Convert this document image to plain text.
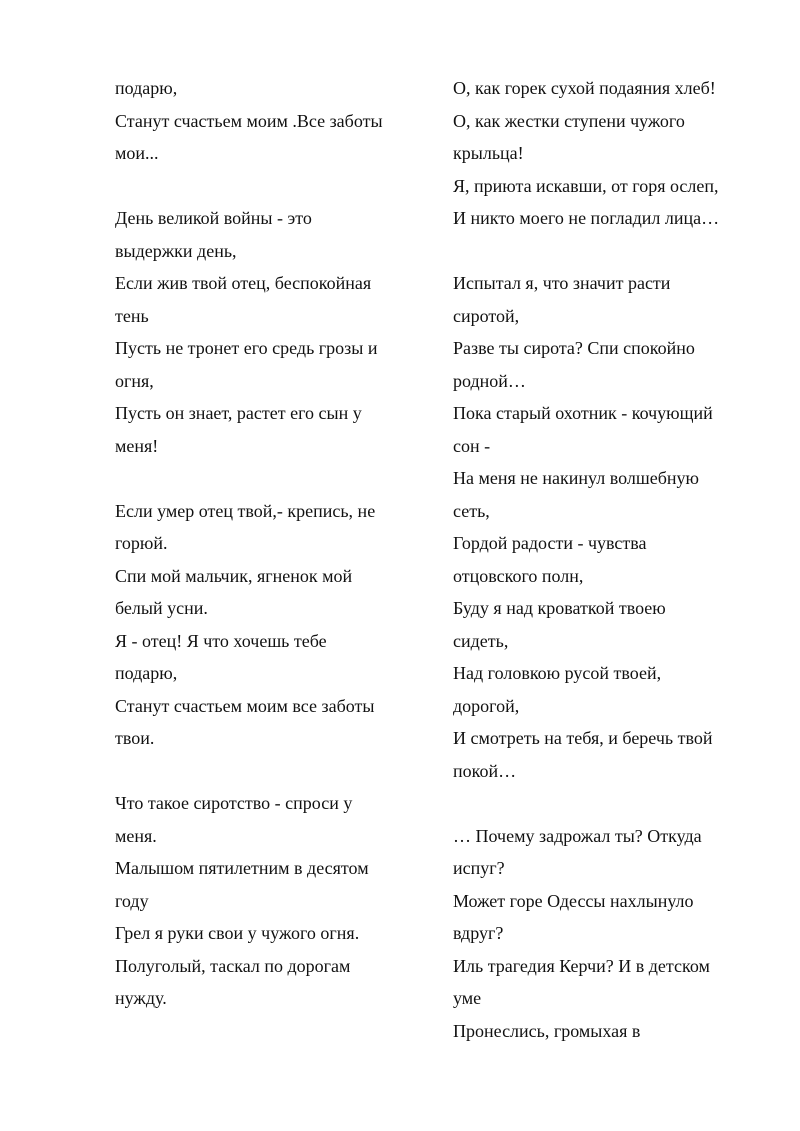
подарю,
Станут счастьем моим .Все заботы
мои...
День великой войны - это
выдержки день,
Если жив твой отец, беспокойная
тень
Пусть не тронет его средь грозы и
огня,
Пусть он знает, растет его сын у
меня!
Если умер отец твой,- крепись, не
горюй.
Спи мой мальчик, ягненок мой
белый усни.
Я - отец! Я что хочешь тебе
подарю,
Станут счастьем моим все заботы
твои.
Что такое сиротство - спроси у
меня.
Малышом пятилетним в десятом
году
Грел я руки свои у чужого огня.
Полуголый, таскал по дорогам
нужду.
О, как горек сухой подаяния хлеб!
О, как жестки ступени чужого
крыльца!
Я, приюта искавши, от горя ослеп,
И никто моего не погладил лица…
Испытал я, что значит расти
сиротой,
Разве ты сирота? Спи спокойно
родной…
Пока старый охотник - кочующий
сон -
На меня не накинул волшебную
сеть,
Гордой радости - чувства
отцовского полн,
Буду я над кроваткой твоею
сидеть,
Над головкою русой твоей,
дорогой,
И смотреть на тебя, и беречь твой
покой…
… Почему задрожал ты? Откуда
испуг?
Может горе Одессы нахлынуло
вдруг?
Иль трагедия Керчи? И в детском
уме
Пронеслись, громыхая в
